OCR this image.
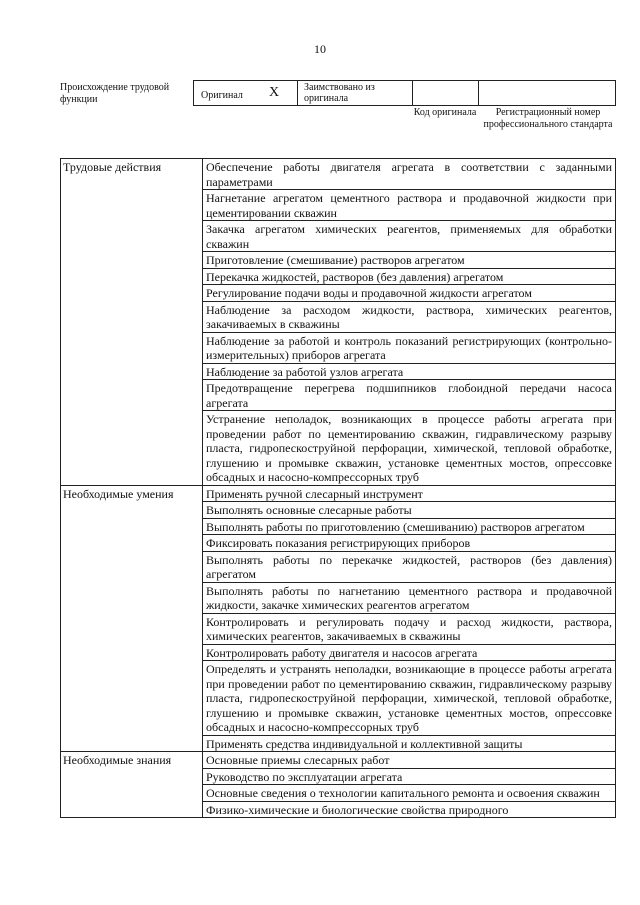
10
Происхождение трудовой функции	Оригинал X	Заимствовано из оригинала
Код оригинала	Регистрационный номер профессионального стандарта
Трудовые действия	Обеспечение работы двигателя агрегата в соответствии с заданными параметрами
	Нагнетание агрегатом цементного раствора и продавочной жидкости при цементировании скважин
	Закачка агрегатом химических реагентов, применяемых для обработки скважин
	Приготовление (смешивание) растворов агрегатом
	Перекачка жидкостей, растворов (без давления) агрегатом
	Регулирование подачи воды и продавочной жидкости агрегатом
	Наблюдение за расходом жидкости, раствора, химических реагентов, закачиваемых в скважины
	Наблюдение за работой и контроль показаний регистрирующих (контрольно-измерительных) приборов агрегата
	Наблюдение за работой узлов агрегата
	Предотвращение перегрева подшипников глобоидной передачи насоса агрегата
	Устранение неполадок, возникающих в процессе работы агрегата при проведении работ по цементированию скважин, гидравлическому разрыву пласта, гидропескоструйной перфорации, химической, тепловой обработке, глушению и промывке скважин, установке цементных мостов, опрессовке обсадных и насосно-компрессорных труб
Необходимые умения	Применять ручной слесарный инструмент
	Выполнять основные слесарные работы
	Выполнять работы по приготовлению (смешиванию) растворов агрегатом
	Фиксировать показания регистрирующих приборов
	Выполнять работы по перекачке жидкостей, растворов (без давления) агрегатом
	Выполнять работы по нагнетанию цементного раствора и продавочной жидкости, закачке химических реагентов агрегатом
	Контролировать и регулировать подачу и расход жидкости, раствора, химических реагентов, закачиваемых в скважины
	Контролировать работу двигателя и насосов агрегата
	Определять и устранять неполадки, возникающие в процессе работы агрегата при проведении работ по цементированию скважин, гидравлическому разрыву пласта, гидропескоструйной перфорации, химической, тепловой обработке, глушению и промывке скважин, установке цементных мостов, опрессовке обсадных и насосно-компрессорных труб
	Применять средства индивидуальной и коллективной защиты
Необходимые знания	Основные приемы слесарных работ
	Руководство по эксплуатации агрегата
	Основные сведения о технологии капитального ремонта и освоения скважин
	Физико-химические и биологические свойства природного
